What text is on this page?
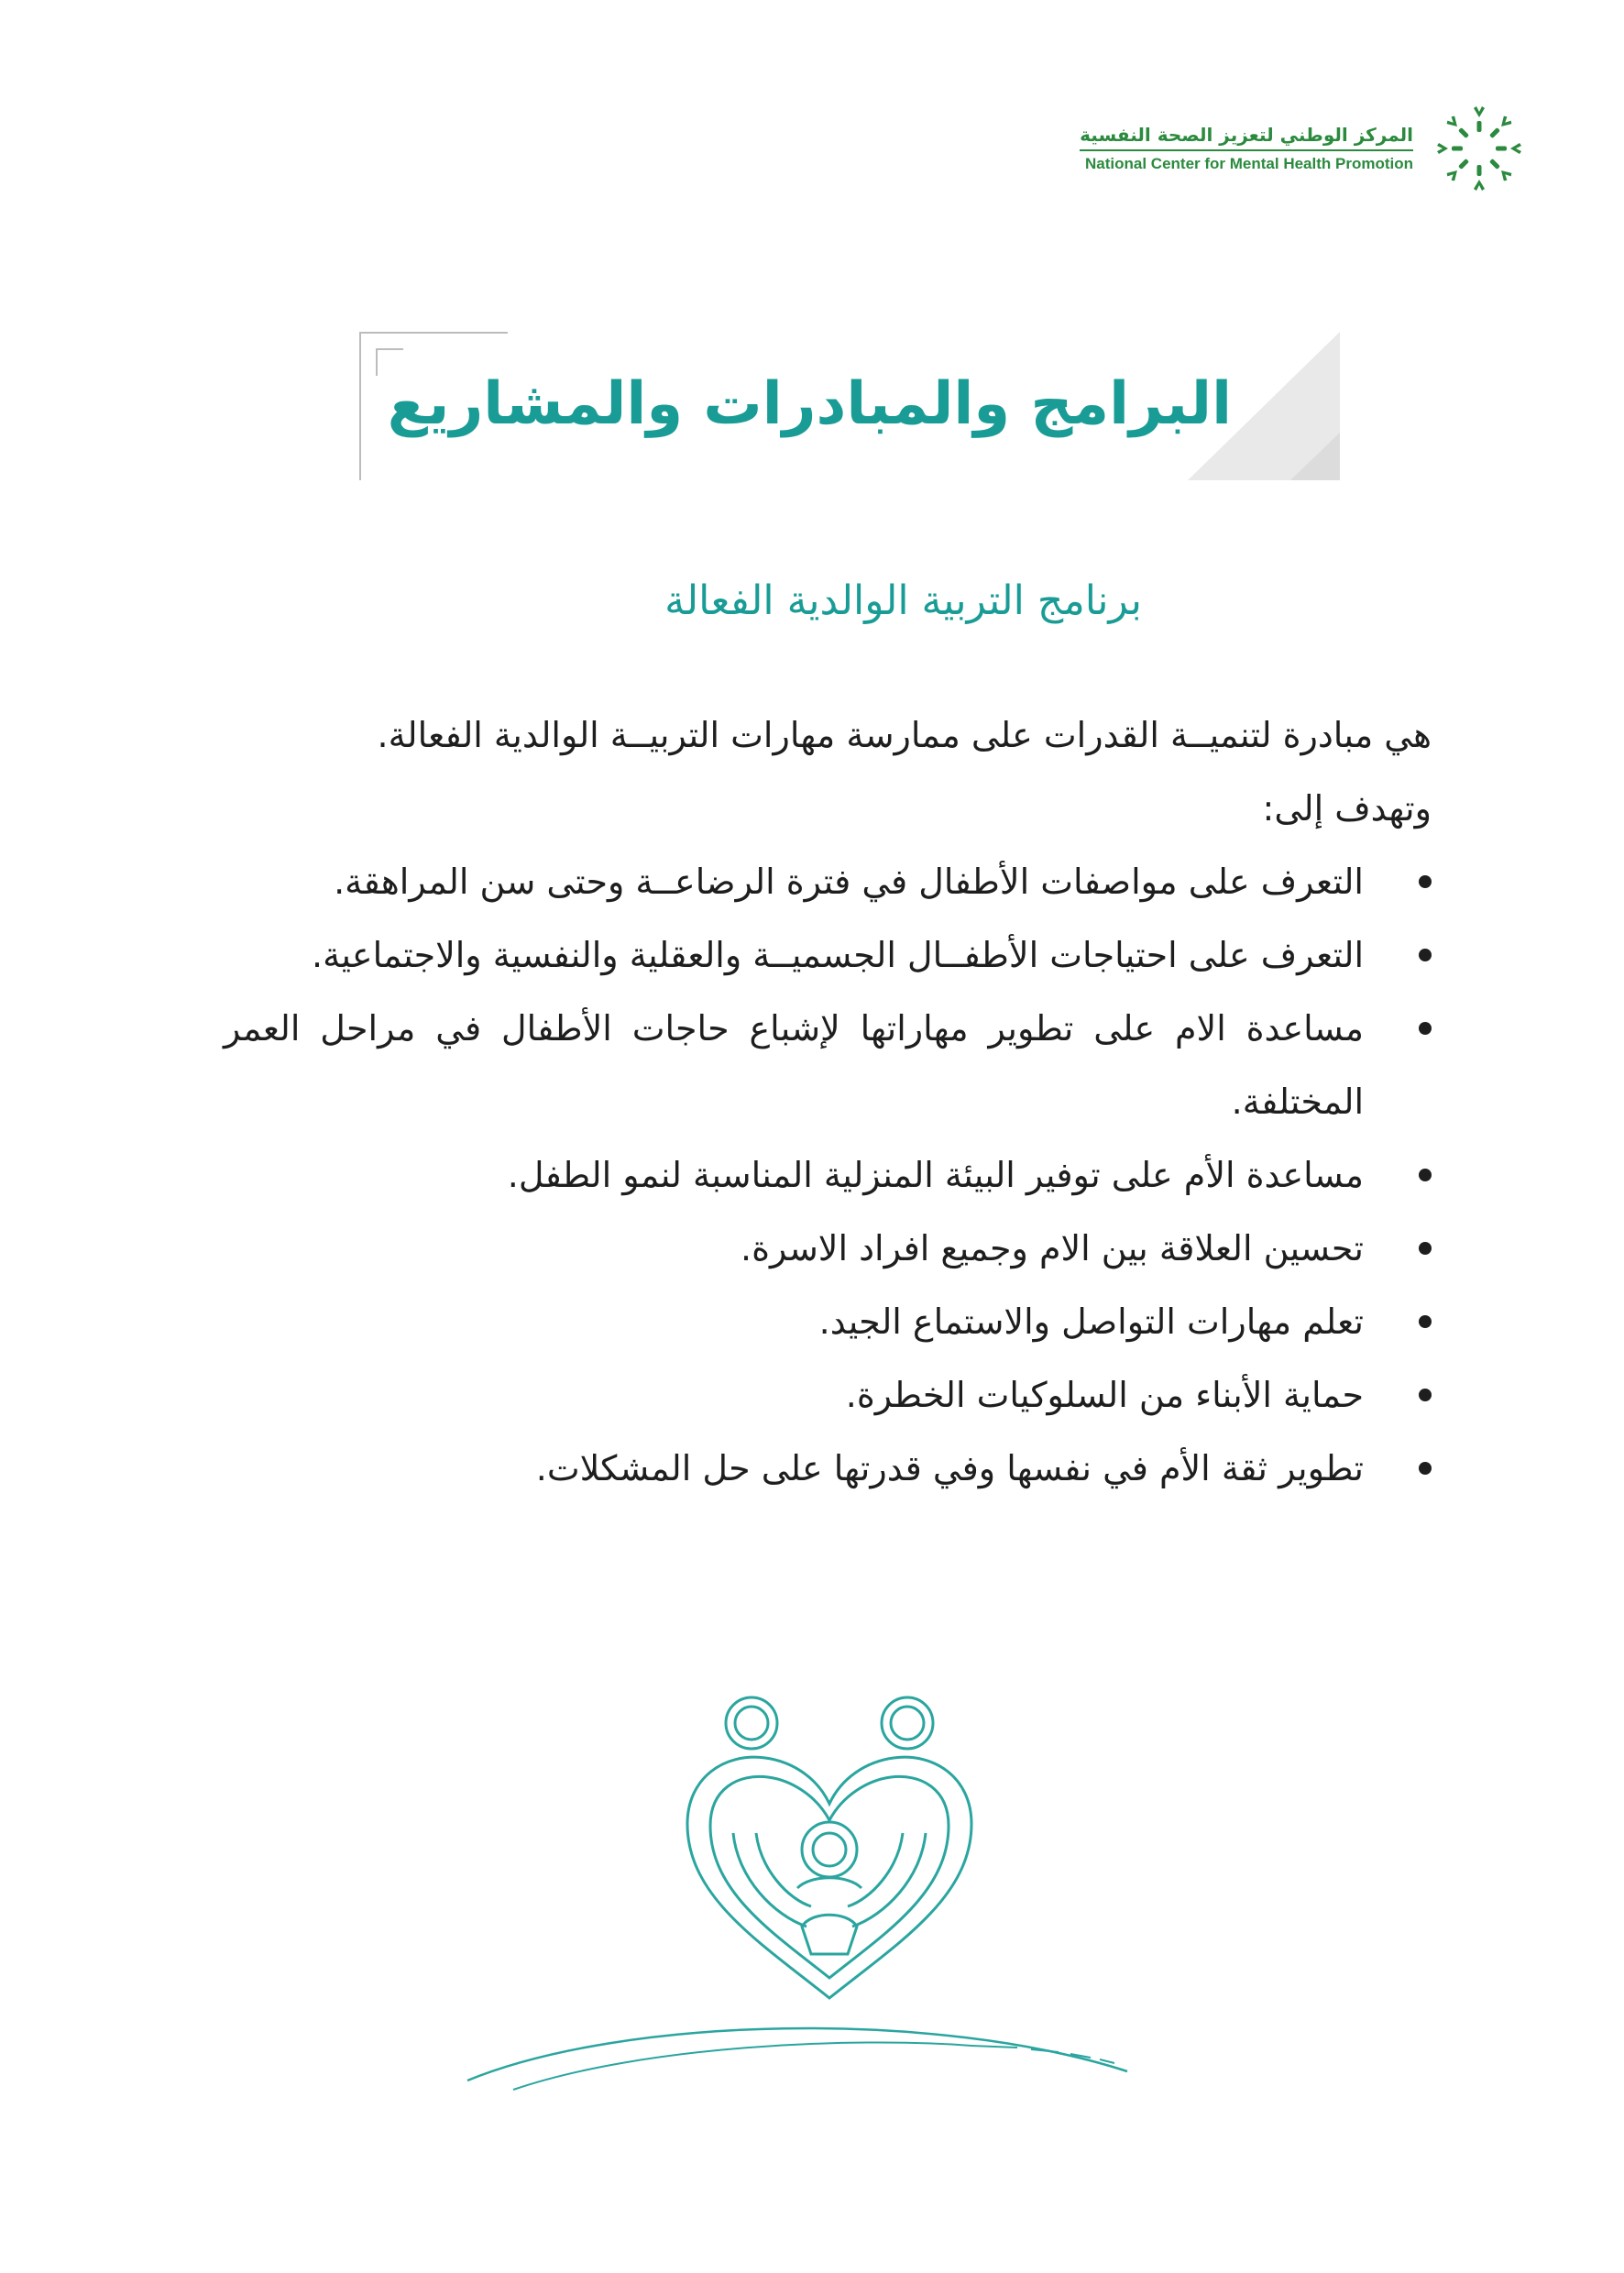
المركز الوطني لتعزيز الصحة النفسية
National Center for Mental Health Promotion
البرامج والمبادرات والمشاريع
برنامج التربية الوالدية الفعالة

هي مبادرة لتنميــة القدرات على ممارسة مهارات التربيــة الوالدية الفعالة.

وتهدف إلى:

التعرف على مواصفات الأطفال في فترة الرضاعــة وحتى سن المراهقة.
التعرف على احتياجات الأطفــال الجسميــة والعقلية والنفسية والاجتماعية.
مساعدة الام على تطوير مهاراتها لإشباع حاجات الأطفال في مراحل العمر المختلفة.
مساعدة الأم على توفير البيئة المنزلية المناسبة لنمو الطفل.
تحسين العلاقة بين الام وجميع افراد الاسرة.
تعلم مهارات التواصل والاستماع الجيد.
حماية الأبناء من السلوكيات الخطرة.
تطوير ثقة الأم في نفسها وفي قدرتها على حل المشكلات.
